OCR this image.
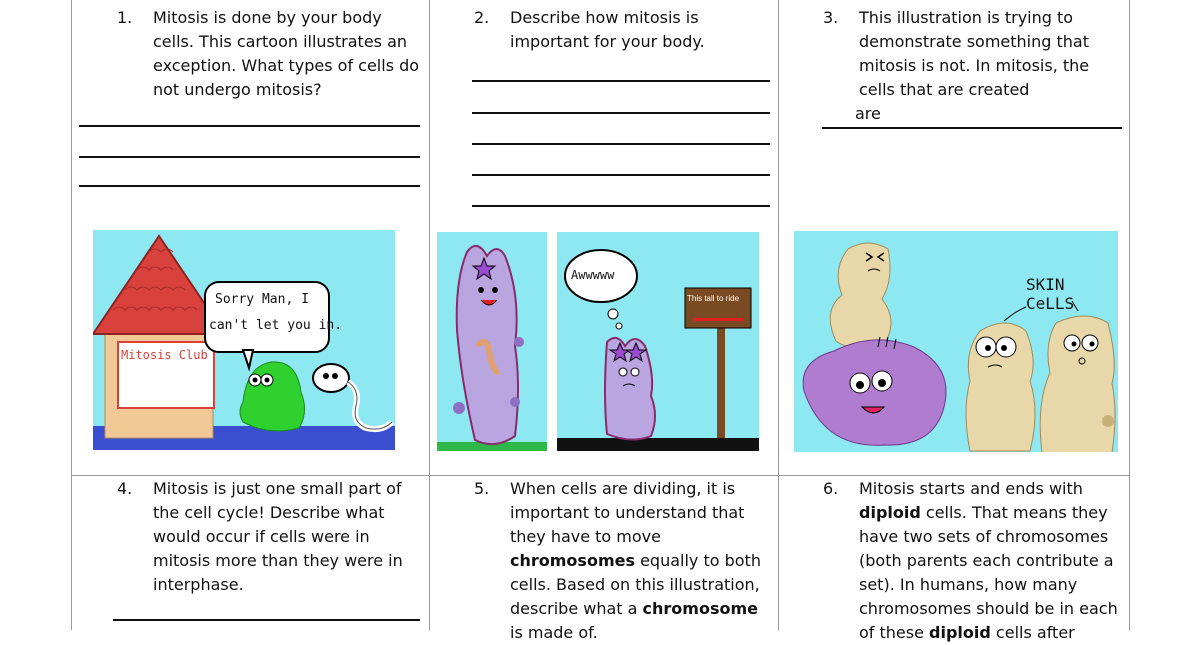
1. Mitosis is done by your body cells. This cartoon illustrates an exception. What types of cells do not undergo mitosis?
2. Describe how mitosis is important for your body.
3. This illustration is trying to demonstrate something that mitosis is not. In mitosis, the cells that are created
are
Mitosis Club
Sorry Man, I
can't let you in.
Awwwww
This tall to ride
SKIN CeLLS
4. Mitosis is just one small part of the cell cycle! Describe what would occur if cells were in mitosis more than they were in interphase.
5. When cells are dividing, it is important to understand that they have to move chromosomes equally to both cells. Based on this illustration, describe what a chromosome is made of.
6. Mitosis starts and ends with diploid cells. That means they have two sets of chromosomes (both parents each contribute a set). In humans, how many chromosomes should be in each of these diploid cells after
